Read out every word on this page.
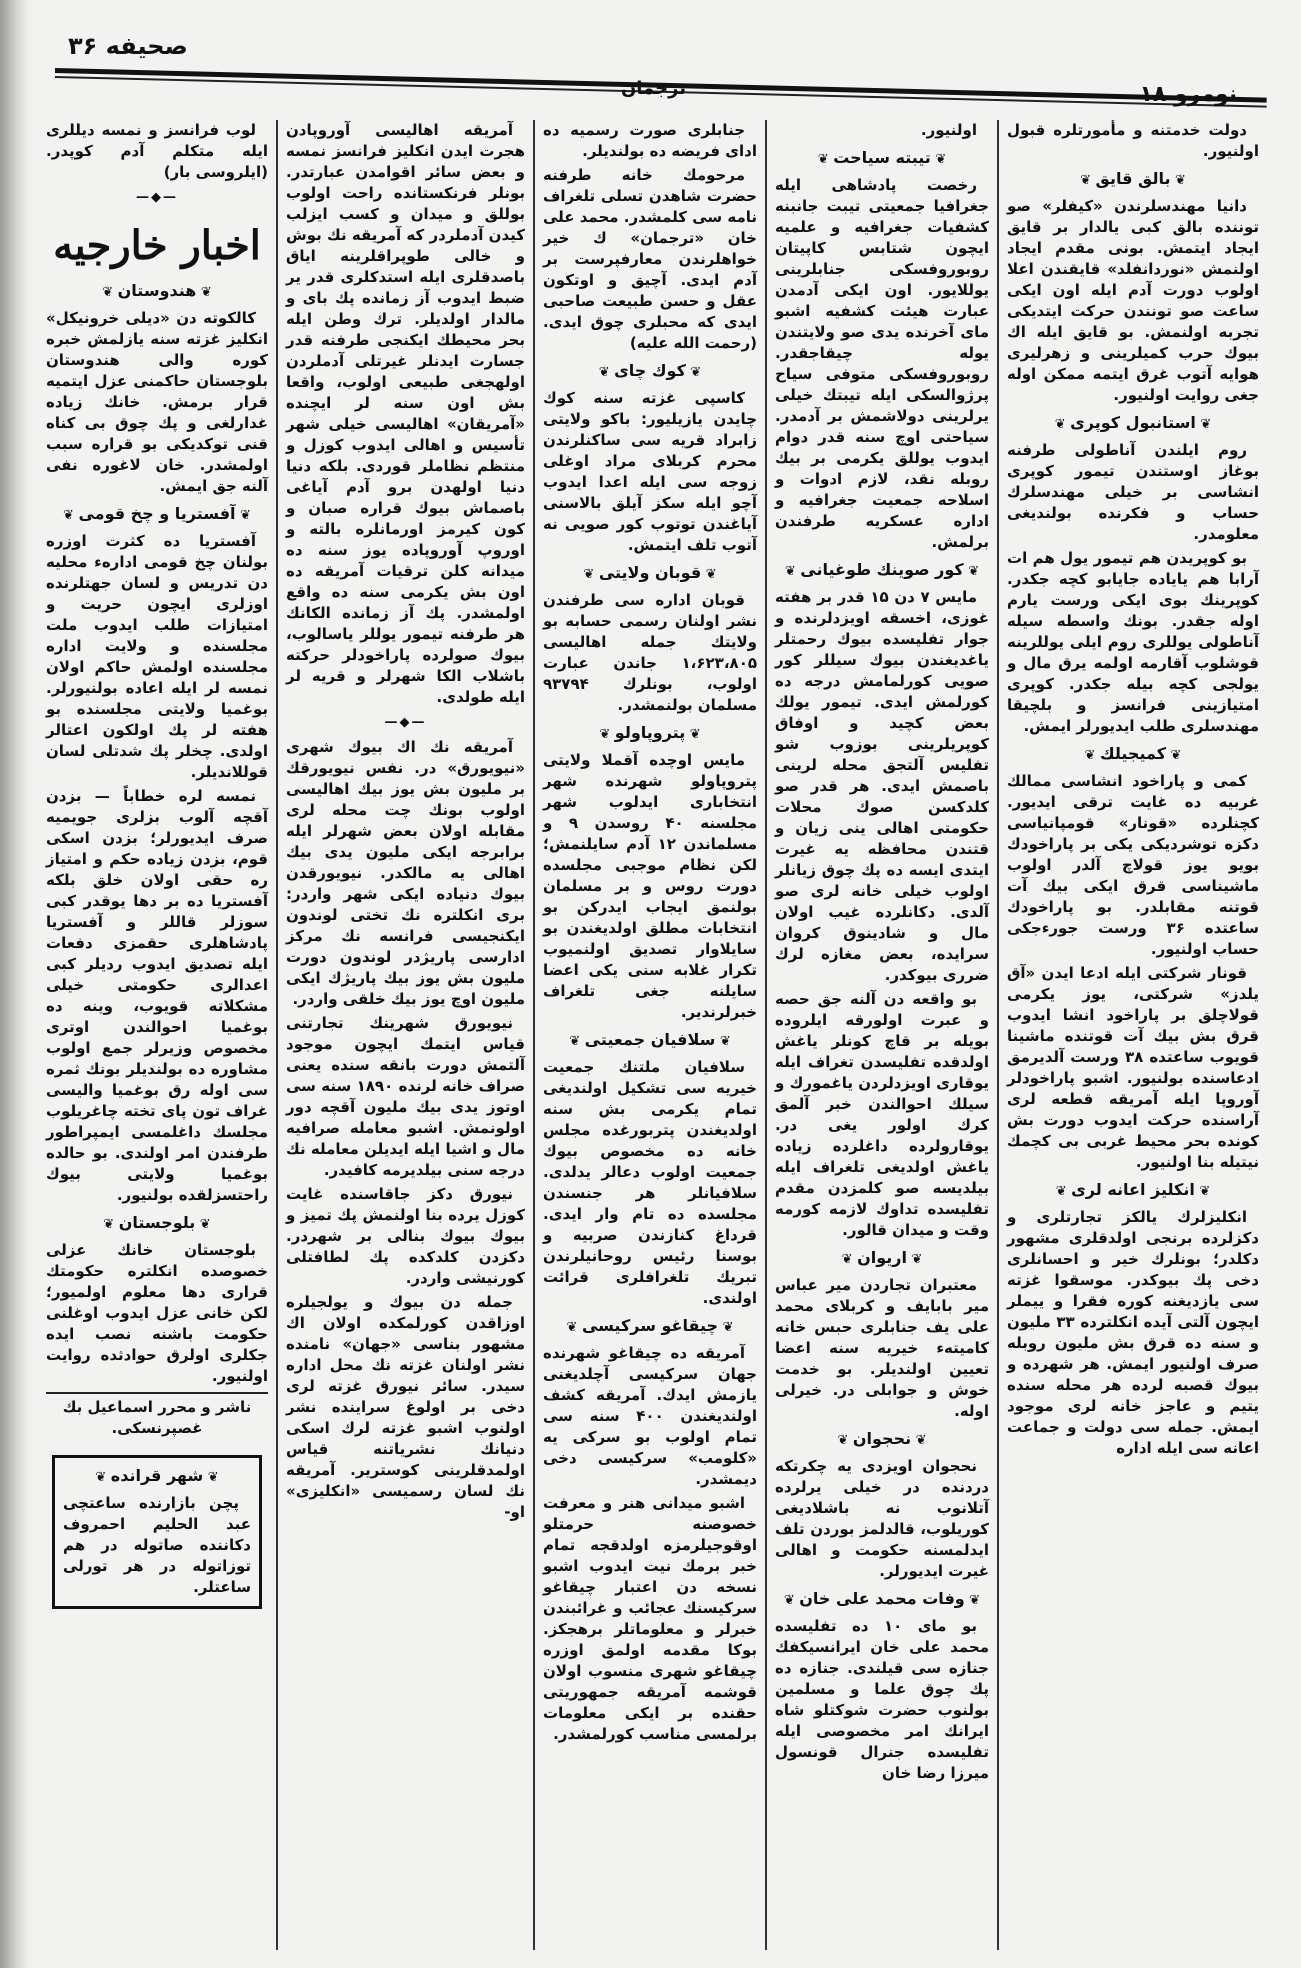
صحيفه ۳۶
ترجمان	نومرو ۱۸

دولت خدمتنه و مأمورتلره قبول اولنيور.

❦ بالق قايق ❦

دانيا مهندسلرندن «كيفلر» صو توننده بالق كبى يالدار بر قايق ايجاد ايتمش. بونى مقدم ايجاد اولنمش «نوردانفلد» قايقندن اعلا اولوب دورت آدم ايله اون ايكى ساعت صو تونندن حركت ايتديكى تجربه اولنمش. بو قايق ايله اك بيوك حرب كميلرينى و زهرليرى هوايه آتوب غرق ايتمه ممكن اوله جغى روايت اولنيور.

❦ استانبول كوپرى ❦

روم ايلندن آناطولى طرفنه بوغاز اوستندن تيمور كوپرى انشاسى بر خيلى مهندسلرك حساب و فكرنده بولنديغى معلومدر.

بو كوپريدن هم تيمور يول هم ات آرابا هم ياياده جايابو كچه جكدر. كوپرينك بوى ايكى ورست يارم اوله جقدر. بونك واسطه سيله آناطولى يوللرى روم ايلى يوللرينه قوشلوب آقارمه اولمه يرق مال و يولجى كچه بيله جكدر. كوپرى امتيازينى فرانسز و بلچيقا مهندسلرى طلب ايديورلر ايمش.

❦ كميجيلك ❦

كمى و پاراخود انشاسى ممالك غربيه ده غايت ترقى ايديور. كچنلرده «قونار» قومپانياسى دكزه توشرديكى يكى بر پاراخودك بويو يوز قولاچ آلدر اولوب ماشيناسى قرق ايكى بيك آت قوتنه مقابلدر. بو پاراخودك ساعتده ۳۶ ورست جورءجكى حساب اولنيور.

قونار شركتى ايله ادعا ايدن «آق يلدز» شركتى، يوز يكرمى قولاچلق بر پاراخود انشا ايدوب قرق بش بيك آت قوتنده ماشينا قويوب ساعتده ۳۸ ورست آلديرمق ادعاسنده بولنيور. اشبو پاراخودلر آوروپا ايله آمريقه قطعه لرى آراسنده حركت ايدوب دورت بش كونده بحر محيط غربى بى كچمك نيتيله بنا اولنيور.

❦ انكليز اعانه لرى ❦

انكليزلرك يالكز تجارتلرى و دكزلرده برنجى اولدقلرى مشهور دكلدر؛ بونلرك خير و احسانلرى دخى پك بيوكدر. موسقوا غزته سى يازديغنه كوره فقرا و ييملر ايچون آلتى آيده انكلترده ۳۳ مليون و سنه ده قرق بش مليون روبله صرف اولنيور ايمش. هر شهرده و بيوك قصبه لرده هر محله سنده يتيم و عاجز خانه لرى موجود ايمش. جمله سى دولت و جماعت اعانه سى ايله اداره

اولنيور.

❦ تيبته سياحت ❦

رخصت پادشاهى ايله جغرافيا جمعيتى تيبت جانبنه كشفيات جغرافيه و علميه ايچون شتابس كاپيتان روبوروفسكى جنابلرينى يوللايور. اون ايكى آدمدن عبارت هيئت كشفيه اشبو ماى آخرنده يدى صو ولايتندن يوله چيقاجقدر. روبوروفسكى متوفى سياح پرژوالسكى ايله تيبتك خيلى يرلرينى دولاشمش بر آدمدر. سياحتى اوچ سنه قدر دوام ايدوب يوللق يكرمى بر بيك روبله نقد، لازم ادوات و اسلاحه جمعيت جغرافيه و اداره عسكريه طرفندن برلمش.

❦ كور صوينك طوغيانى ❦

مايس ۷ دن ۱۵ قدر بر هفته غوزى، اخسقه اويزدلرنده و جوار تفليسده بيوك رحمتلر ياغديغندن بيوك سيللر كور صويى كورلمامش درجه ده كورلمش ايدى. تيمور يولك بعض كچيد و اوفاق كوپريلرينى بوزوب شو تفليس آلتجق محله لرينى باصمش ايدى. هر قدر صو كلدكسن صوك محلات حكومتى اهالى ينى زيان و قتندن محافظه يه غيرت ايتدى ايسه ده پك چوق زيانلر اولوب خيلى خانه لرى صو آلدى. دكانلرده غيب اولان مال و شادينوق كروان سرايده، بعض مغازه لرك ضررى بيوكدر.

بو واقعه دن آلنه جق حصه و عبرت اولورقه ايلروده بويله بر قاچ كونلر ياغش اولدقده تفليسدن تغراف ايله يوقارى اويزدلردن ياغمورك و سيلك احوالندن خبر آلمق كرك اولور يغى در. يوقارولرده داغلرده زياده ياغش اولديغى تلغراف ايله بيلديسه صو كلمزدن مقدم تفليسده تداوك لازمه كورمه وقت و ميدان قالور.

❦ اريوان ❦

معتبران تجاردن مير عباس مير بابايف و كربلاى محمد على يف جنابلرى حبس خانه كاميتهء خيريه سنه اعضا تعيين اولنديلر. بو خدمت خوش و جوابلى در. خيرلى اوله.

❦ نحجوان ❦

نحجوان اويزدى يه چكرتكه دردنده در خيلى يرلرده آتلانوب نه باشلاديغى كوريلوب، قالدلمز بوردن تلف ايدلمسنه حكومت و اهالى غيرت ايديورلر.

❦ وفات محمد على خان ❦

بو ماى ۱۰ ده تفليسده محمد على خان ايرانسيكفك جنازه سى قيلندى. جنازه ده پك چوق علما و مسلمين بولنوب حضرت شوكتلو شاه ايرانك امر مخصوصى ايله تفليسده جنرال قونسول ميرزا رضا خان

جنابلرى صورت رسميه ده اداى فريضه ده بولنديلر.

مرحومك خانه طرفنه حضرت شاهدن تسلى تلغراف نامه سى كلمشدر. محمد على خان «ترجمان» ك خير خواهلرندن معارفپرست بر آدم ايدى. آچيق و اوتكون عقل و حسن طبيعت صاحبى ايدى كه محبلرى چوق ايدى. (رحمت الله عليه)

❦ كوك چاى ❦

كاسپى غزته سنه كوك چايدن يازيليور: باكو ولايتى زابراد قريه سى ساكنلرندن محرم كربلاى مراد اوغلى زوجه سى ايله اعدا ايدوب آچو ايله سكز آيلق بالاسنى آياغندن توتوب كور صويى نه آتوب تلف ايتمش.

❦ قوبان ولايتى ❦

قوبان اداره سى طرفندن نشر اولنان رسمى حسابه بو ولايتك جمله اهاليسى ۱،۶۲۳،۸۰۵ جاندن عبارت اولوب، بونلرك ۹۳۷۹۴ مسلمان بولنمشدر.

❦ پتروپاولو ❦

مايس اوچده آقملا ولايتى پتروپاولو شهرنده شهر انتخابارى ايدلوب شهر مجلسنه ۴۰ روسدن ۹ و مسلماندن ۱۲ آدم سايلنمش؛ لكن نظام موجبى مجلسده دورت روس و بر مسلمان بولنمق ايجاب ايدركن بو انتخابات مطلق اولديغندن بو سايلاوار تصديق اولنميوب تكرار غلابه سنى يكى اعضا سايلنه جغى تلغراف خبرلرندير.

❦ سلافيان جمعيتى ❦

سلافيان ملتنك جمعيت خيريه سى تشكيل اولنديغى تمام يكرمى بش سنه اولديغندن پتربورغده مجلس خانه ده مخصوص بيوك جمعيت اولوب دعالر يدلدى. سلافيانلر هر جنسندن مجلسده ده تام وار ايدى. قرداغ كنازندن صربيه و بوسنا رئيس روحانيلرندن تبريك تلغرافلرى قرائت اولندى.

❦ چيقاغو سركيسى ❦

آمريقه ده چيقاغو شهرنده جهان سركيسى آچلديغنى يازمش ايدك. آمريقه كشف اولنديغندن ۴۰۰ سنه سى تمام اولوب بو سركى يه «كلومب» سركيسى دخى ديمشدر.

اشبو ميدانى هنر و معرفت خصوصنه حرمتلو اوقوجيلرمزه اولدقجه تمام خبر برمك نيت ايدوب اشبو نسخه دن اعتبار چيقاغو سركيسنك عجائب و غرائبندن خبرلر و معلوماتلر برهجكز. بوكا مقدمه اولمق اوزره چيقاغو شهرى منسوب اولان قوشمه آمريقه جمهوريتى حقنده بر ايكى معلومات برلمسى مناسب كورلمشدر.

آمريقه اهاليسى آوروپادن هجرت ايدن انكليز فرانسز نمسه و بعض سائر اقوامدن عبارتدر. بونلر فرنكستانده راحت اولوب بوللق و ميدان و كسب ايزلب كيدن آدملردر كه آمريقه نك بوش و خالى طوپراقلرينه اياق باصدقلرى ايله استدكلرى قدر ير ضبط ايدوب آز زمانده پك باى و مالدار اولديلر. ترك وطن ايله بحر محيطك ايكنجى طرفنه قدر جسارت ايدنلر غيرتلى آدملردن اولهجغى طبيعى اولوب، واقعا بش اون سنه لر ايچنده «آمريقان» اهاليسى خيلى شهر تأسيس و اهالى ايدوب كوزل و منتظم نظاملر قوردى. بلكه دنيا دنيا اولهدن برو آدم آياغى باصماش بيوك قراره صبان و كون كيرمز اورمانلره بالته و اوروپ آوروپاده يوز سنه ده ميدانه كلن ترقيات آمريقه ده اون بش يكرمى سنه ده واقع اولمشدر. پك آز زمانده الكانك هر طرفنه تيمور يوللر ياسالوب، بيوك صولرده پاراخودلر حركته باشلاب الكا شهرلر و قريه لر ايله طولدى.

—◆—

آمريقه نك اك بيوك شهرى «نيويورق» در. نفس نيويورقك بر مليون بش يوز بيك اهاليسى اولوب بونك چت محله لرى مقابله اولان بعض شهرلر ايله برابرجه ايكى مليون يدى بيك اهالى يه مالكدر. نيويورقدن بيوك دنياده ايكى شهر واردر: برى انكلتره نك تختى لوندون ايكنجيسى فرانسه نك مركز ادارسى پاريژدر لوندون دورت مليون بش يوز بيك پاريژك ايكى مليون اوچ يوز بيك خلقى واردر.

نيويورق شهرينك تجارتنى قياس ايتمك ايچون موجود آلتمش دورت بانقه سنده يعنى صراف خانه لرنده ۱۸۹۰ سنه سى اوتوز يدى بيك مليون آقچه دور اولونمش. اشبو معامله صرافيه مال و اشيا ايله ايديلن معامله نك درجه سنى بيلديرمه كافيدر.

نيورق دكز جاقاسنده غايت كوزل يرده بنا اولنمش پك تميز و بيوك بيوك بنالى بر شهردر. دكزدن كلدكده پك لطافتلى كورنيشى واردر.

جمله دن بيوك و يولجيلره اوزاقدن كورلمكده اولان اك مشهور بناسى «جهان» نامنده نشر اولنان غزته نك محل اداره سيدر. سائر نيورق غزته لرى دخى بر اولوغ سراينده نشر اولنوب اشبو غزته لرك اسكى دنيانك نشرياتنه قياس اولمدقلرينى كوسترير. آمريقه نك لسان رسميسى «انكليزى» او-

لوب فرانسز و نمسه ديللرى ايله متكلم آدم كوپدر. (ايلروسى بار)

—◆—
اخبار خارجيه
❦ هندوستان ❦

كالكوته دن «ديلى خرونيكل» انكليز غزته سنه يازلمش خبره كوره والى هندوستان بلوجستان حاكمنى عزل ايتميه قرار برمش. خانك زياده غدارلغى و پك چوق بى كناه قنى توكديكى بو قراره سبب اولمشدر. خان لاغوره نفى آلنه جق ايمش.

❦ آفستريا و چخ قومى ❦

آفستريا ده كثرت اوزره بولنان چخ قومى ادارهء محليه دن تدريس و لسان جهتلرنده اوزلرى ايچون حريت و امتيازات طلب ايدوب ملت مجلسنده و ولايت اداره مجلسنده اولمش حاكم اولان نمسه لر ايله اعاده بولنيورلر. بوغميا ولايتى مجلسنده بو هفته لر پك اولكون اعتالر اولدى. چخلر پك شدتلى لسان قوللانديلر.

نمسه لره خطاباً — بزدن آقچه آلوب بزلرى جويميه صرف ايديورلر؛ بزدن اسكى قوم، بزدن زياده حكم و امتياز ره حقى اولان خلق بلكه آفستريا ده بر دها يوقدر كبى سوزلر قاللر و آفستريا پادشاهلرى حقمزى دفعات ايله تصديق ايدوب رديلر كبى اعدالرى حكومتى خيلى مشكلاته قويوب، وينه ده بوغميا احوالندن اوترى مخصوص وزيرلر جمع اولوب مشاوره ده بولنديلر بونك ثمره سى اوله رق بوغميا واليسى غراف تون پاى تخته چاغريلوب مجلسك داغلمسى ايمپراطور طرفندن امر اولندى. بو حالده بوغميا ولايتى بيوك راحتسزلقده بولنيور.

❦ بلوجستان ❦

بلوجستان خانك عزلى خصوصده انكلتره حكومتك قرارى دها معلوم اولميور؛ لكن خانى عزل ايدوب اوغلنى حكومت باشنه نصب ايده جكلرى اولرق حوادثده روايت اولنيور.

ناشر و محرر اسماعيل بك غصپرنسكى.
❦ شهر قرانده ❦

پچن بازارنده ساعتچى عبد الحليم احمروف دكاننده صاتوله در هم توزاتوله در هر تورلى ساعتلر.
